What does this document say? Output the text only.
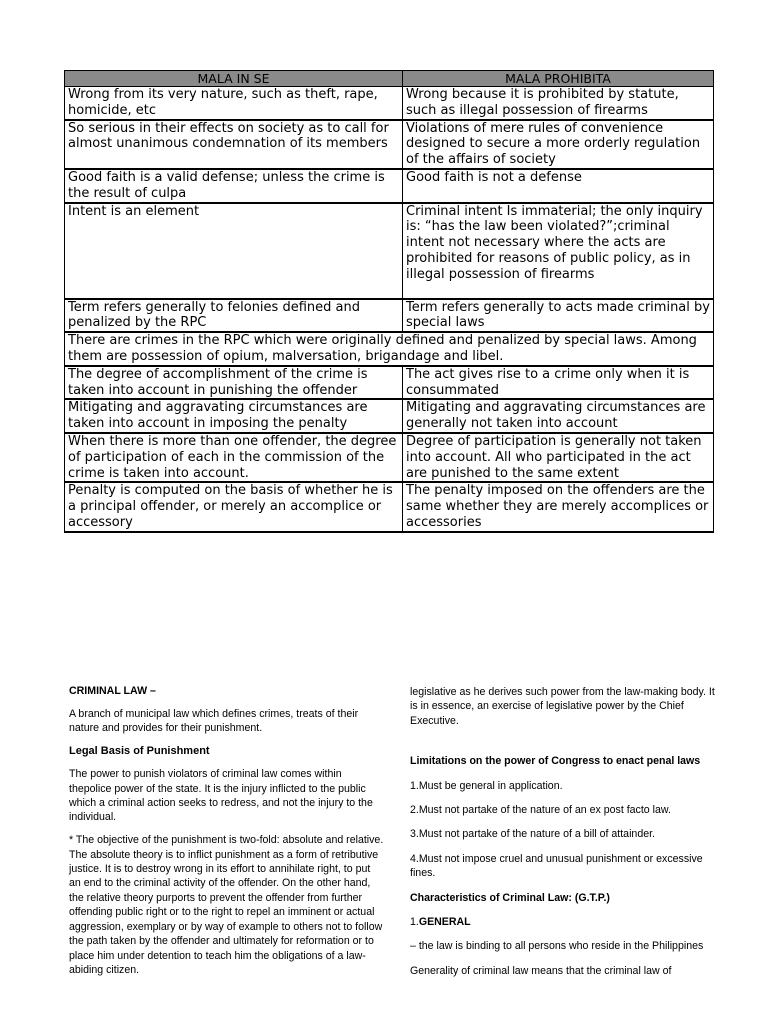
MALA IN SE	MALA PROHIBITA
Wrong from its very nature, such as theft, rape, homicide, etc	Wrong because it is prohibited by statute, such as illegal possession of firearms
So serious in their effects on society as to call for almost unanimous condemnation of its members	Violations of mere rules of convenience designed to secure a more orderly regulation of the affairs of society
Good faith is a valid defense; unless the crime is the result of culpa	Good faith is not a defense
Intent is an element	Criminal intent Is immaterial; the only inquiry is: “has the law been violated?”;criminal intent not necessary where the acts are prohibited for reasons of public policy, as in illegal possession of firearms
Term refers generally to felonies defined and penalized by the RPC	Term refers generally to acts made criminal by special laws
There are crimes in the RPC which were originally defined and penalized by special laws. Among them are possession of opium, malversation, brigandage and libel.	
The degree of accomplishment of the crime is taken into account in punishing the offender	The act gives rise to a crime only when it is consummated
Mitigating and aggravating circumstances are taken into account in imposing the penalty	Mitigating and aggravating circumstances are generally not taken into account
When there is more than one offender, the degree of participation of each in the commission of the crime is taken into account.	Degree of participation is generally not taken into account. All who participated in the act are punished to the same extent
Penalty is computed on the basis of whether he is a principal offender, or merely an accomplice or accessory	The penalty imposed on the offenders are the same whether they are merely accomplices or accessories

CRIMINAL LAW –

A branch of municipal law which defines crimes, treats of their nature and provides for their punishment.

Legal Basis of Punishment

The power to punish violators of criminal law comes within thepolice power of the state. It is the injury inflicted to the public which a criminal action seeks to redress, and not the injury to the individual.

* The objective of the punishment is two-fold: absolute and relative. The absolute theory is to inflict punishment as a form of retributive justice. It is to destroy wrong in its effort to annihilate right, to put an end to the criminal activity of the offender. On the other hand, the relative theory purports to prevent the offender from further offending public right or to the right to repel an imminent or actual aggression, exemplary or by way of example to others not to follow the path taken by the offender and ultimately for reformation or to place him under detention to teach him the obligations of a law-abiding citizen.

legislative as he derives such power from the law-making body. It is in essence, an exercise of legislative power by the Chief Executive.

Limitations on the power of Congress to enact penal laws

1.Must be general in application.

2.Must not partake of the nature of an ex post facto law.

3.Must not partake of the nature of a bill of attainder.

4.Must not impose cruel and unusual punishment or excessive fines.

Characteristics of Criminal Law: (G.T.P.)

1.GENERAL

– the law is binding to all persons who reside in the Philippines

Generality of criminal law means that the criminal law of
